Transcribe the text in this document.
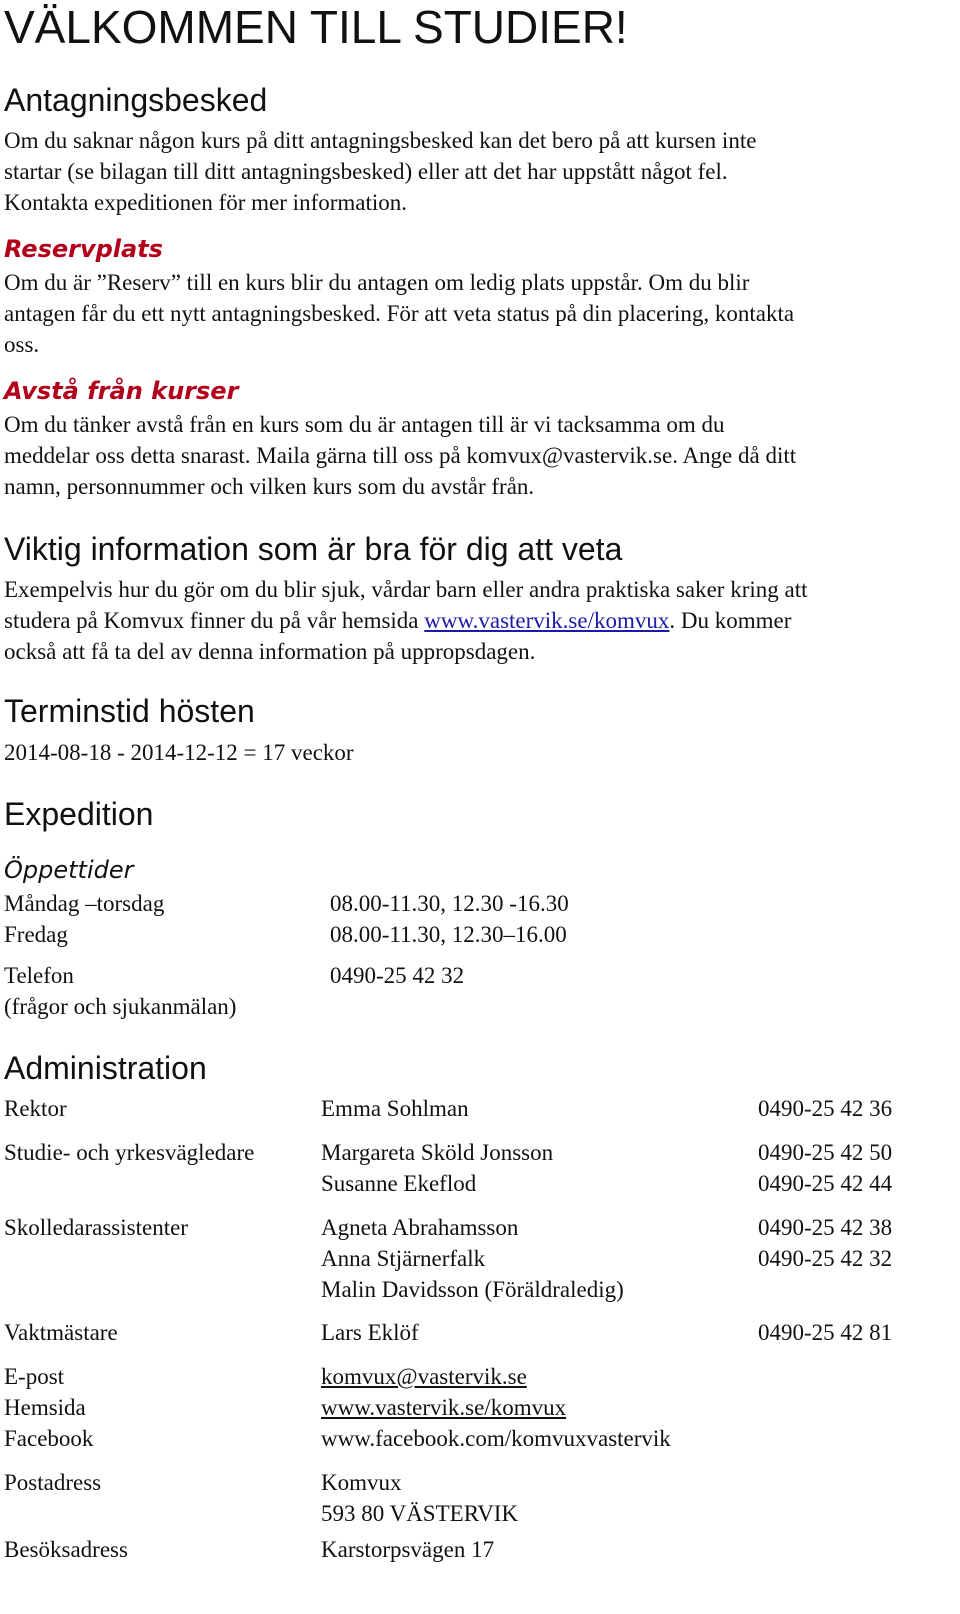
VÄLKOMMEN TILL STUDIER!
Antagningsbesked
Om du saknar någon kurs på ditt antagningsbesked kan det bero på att kursen inte
startar (se bilagan till ditt antagningsbesked) eller att det har uppstått något fel.
Kontakta expeditionen för mer information.
Reservplats
Om du är ”Reserv” till en kurs blir du antagen om ledig plats uppstår. Om du blir
antagen får du ett nytt antagningsbesked. För att veta status på din placering, kontakta
oss.
Avstå från kurser
Om du tänker avstå från en kurs som du är antagen till är vi tacksamma om du
meddelar oss detta snarast. Maila gärna till oss på komvux@vastervik.se. Ange då ditt
namn, personnummer och vilken kurs som du avstår från.
Viktig information som är bra för dig att veta
Exempelvis hur du gör om du blir sjuk, vårdar barn eller andra praktiska saker kring att
studera på Komvux finner du på vår hemsida www.vastervik.se/komvux. Du kommer
också att få ta del av denna information på uppropsdagen.
Terminstid hösten
2014-08-18 - 2014-12-12 = 17 veckor
Expedition
Öppettider
Måndag –torsdag	08.00-11.30, 12.30 -16.30
Fredag	08.00-11.30, 12.30–16.00
Telefon	0490-25 42 32
(frågor och sjukanmälan)
Administration
Rektor	Emma Sohlman	0490-25 42 36
Studie- och yrkesvägledare	Margareta Sköld Jonsson	0490-25 42 50
Susanne Ekeflod	0490-25 42 44
Skolledarassistenter	Agneta Abrahamsson	0490-25 42 38
Anna Stjärnerfalk	0490-25 42 32
Malin Davidsson (Föräldraledig)
Vaktmästare	Lars Eklöf	0490-25 42 81
E-post	komvux@vastervik.se
Hemsida	www.vastervik.se/komvux
Facebook	www.facebook.com/komvuxvastervik
Postadress	Komvux
593 80 VÄSTERVIK
Besöksadress	Karstorpsvägen 17
